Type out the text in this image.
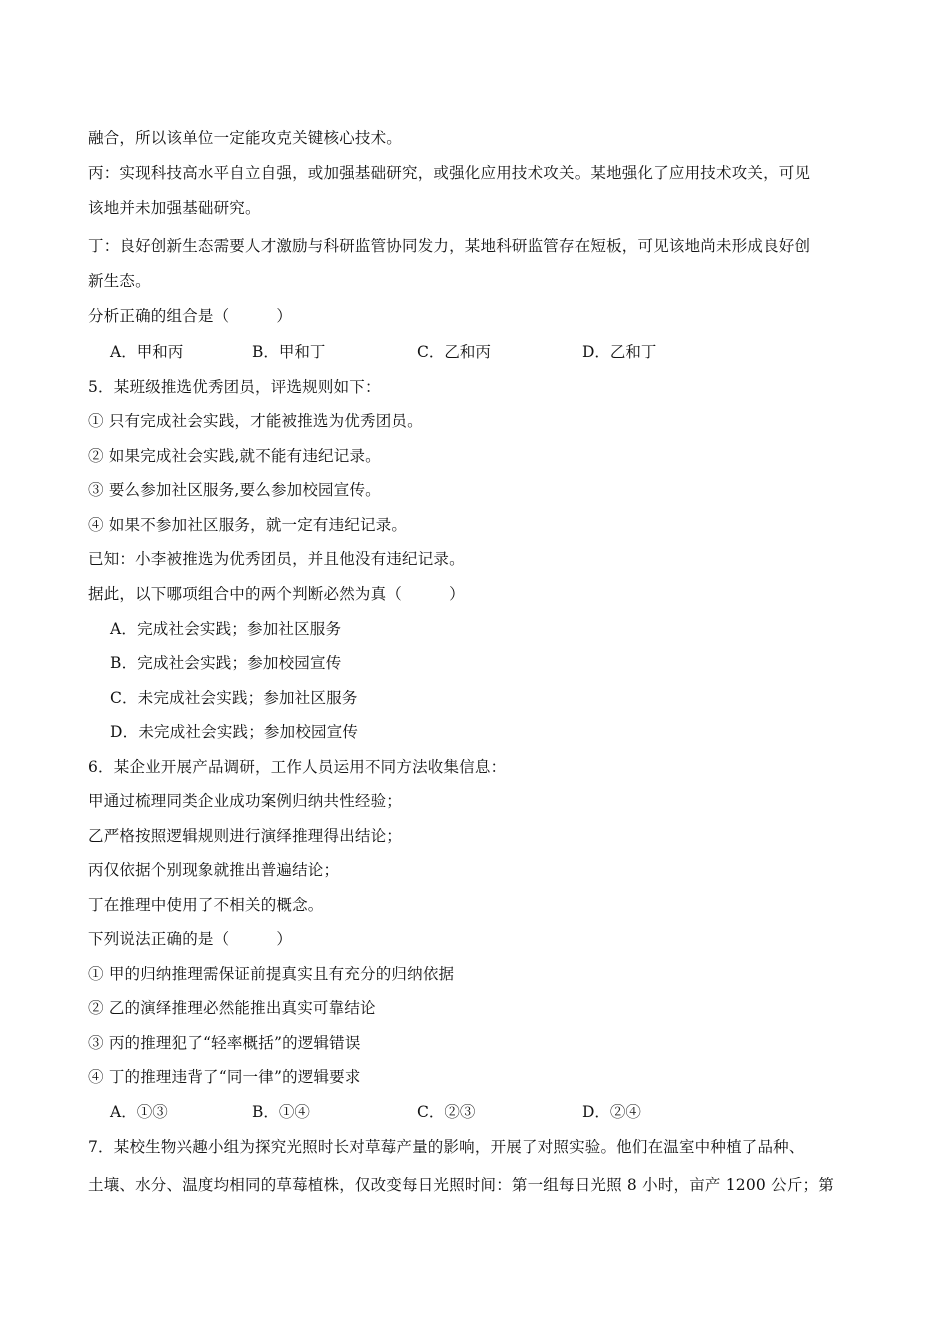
融合，所以该单位一定能攻克关键核心技术。
丙：实现科技高水平自立自强，或加强基础研究，或强化应用技术攻关。某地强化了应用技术攻关，可见
该地并未加强基础研究。
丁：良好创新生态需要人才激励与科研监管协同发力，某地科研监管存在短板，可见该地尚未形成良好创
新生态。
分析正确的组合是（　　　）
A．甲和丙	B．甲和丁	C．乙和丙	D．乙和丁
5．某班级推选优秀团员，评选规则如下：
① 只有完成社会实践，才能被推选为优秀团员。
② 如果完成社会实践,就不能有违纪记录。
③ 要么参加社区服务,要么参加校园宣传。
④ 如果不参加社区服务，就一定有违纪记录。
已知：小李被推选为优秀团员，并且他没有违纪记录。
据此，以下哪项组合中的两个判断必然为真（　　　）
A．完成社会实践；参加社区服务
B．完成社会实践；参加校园宣传
C．未完成社会实践；参加社区服务
D．未完成社会实践；参加校园宣传
6．某企业开展产品调研，工作人员运用不同方法收集信息：
甲通过梳理同类企业成功案例归纳共性经验；
乙严格按照逻辑规则进行演绎推理得出结论；
丙仅依据个别现象就推出普遍结论；
丁在推理中使用了不相关的概念。
下列说法正确的是（　　　）
① 甲的归纳推理需保证前提真实且有充分的归纳依据
② 乙的演绎推理必然能推出真实可靠结论
③ 丙的推理犯了“轻率概括”的逻辑错误
④ 丁的推理违背了“同一律”的逻辑要求
A．①③	B．①④	C．②③	D．②④
7．某校生物兴趣小组为探究光照时长对草莓产量的影响，开展了对照实验。他们在温室中种植了品种、
土壤、水分、温度均相同的草莓植株，仅改变每日光照时间：第一组每日光照 8 小时，亩产 1200 公斤；第
